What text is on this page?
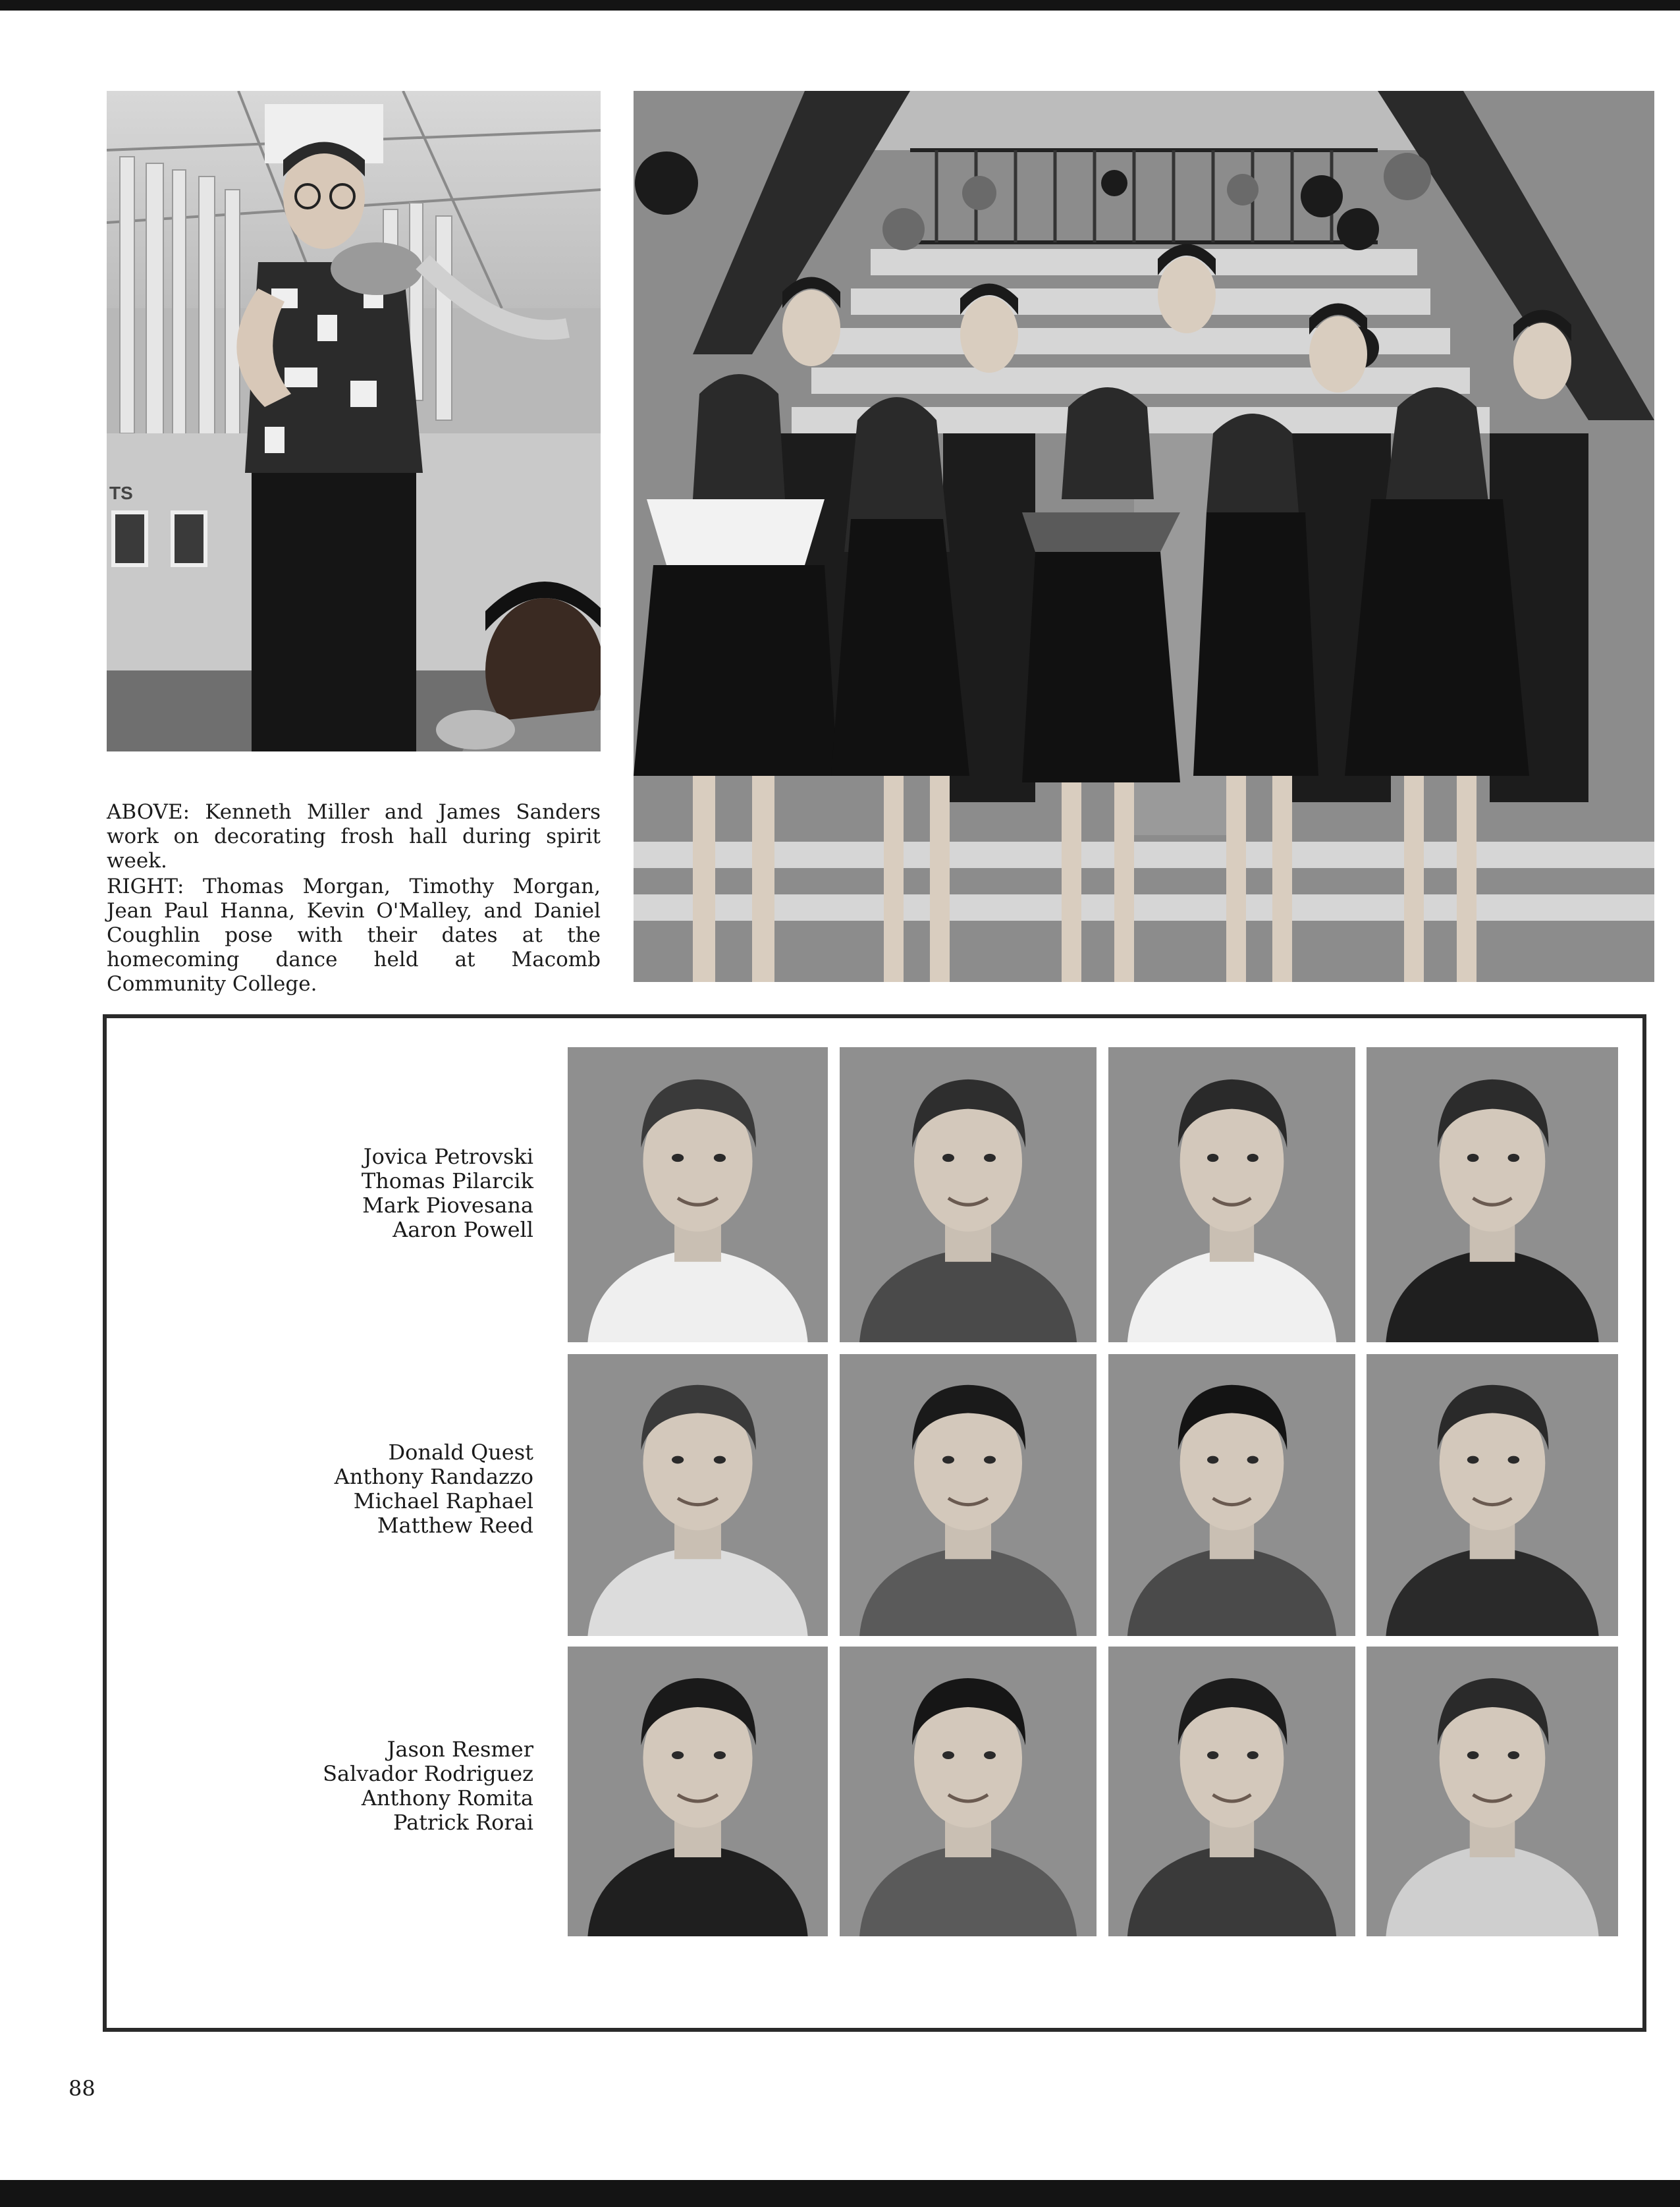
TS

ABOVE: Kenneth Miller and James Sanders work on decorating frosh hall during spirit week.

RIGHT: Thomas Morgan, Timothy Morgan, Jean Paul Hanna, Kevin O'Malley, and Daniel Coughlin pose with their dates at the homecoming dance held at Macomb Community College.

Jovica Petrovski
Thomas Pilarcik
Mark Piovesana
Aaron Powell
Donald Quest
Anthony Randazzo
Michael Raphael
Matthew Reed
Jason Resmer
Salvador Rodriguez
Anthony Romita
Patrick Rorai
88
